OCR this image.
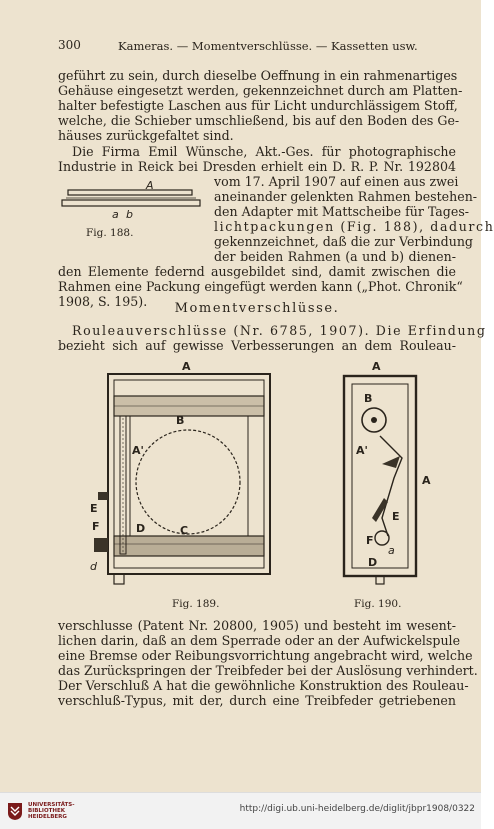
300	Kameras. — Momentverschlüsse. — Kassetten usw.
geführt zu sein, durch dieselbe Oeffnung in ein rahmenartiges
Gehäuse eingesetzt werden, gekennzeichnet durch am Platten-
halter befestigte Laschen aus für Licht undurchlässigem Stoff,
welche, die Schieber umschließend, bis auf den Boden des Ge-
häuses zurückgefaltet sind.
Die Firma Emil Wünsche, Akt.-Ges. für photographische
Industrie in Reick bei Dresden erhielt ein D. R. P. Nr. 192804
vom 17. April 1907 auf einen aus zwei
aneinander gelenkten Rahmen bestehen-
den Adapter mit Mattscheibe für Tages-
lichtpackungen (Fig. 188), dadurch
gekennzeichnet, daß die zur Verbindung
der beiden Rahmen (a und b) dienen-
den Elemente federnd ausgebildet sind, damit zwischen die
Rahmen eine Packung eingefügt werden kann („Phot. Chronik“
1908, S. 195).
A
a b
Fig. 188.
Momentverschlüsse.
Rouleauverschlüsse (Nr. 6785, 1907). Die Erfindung
bezieht sich auf gewisse Verbesserungen an dem Rouleau-
A
B
A'
C
D
E
F
d
Fig. 189.
A
B
A'
A
E
F
D
a
Fig. 190.
verschlusse (Patent Nr. 20800, 1905) und besteht im wesent-
lichen darin, daß an dem Sperrade oder an der Aufwickelspule
eine Bremse oder Reibungsvorrichtung angebracht wird, welche
das Zurückspringen der Treibfeder bei der Auslösung verhindert.
Der Verschluß A hat die gewöhnliche Konstruktion des Rouleau-
verschluß-Typus, mit der, durch eine Treibfeder getriebenen
UNIVERSITÄTS-
BIBLIOTHEK
HEIDELBERG
http://digi.ub.uni-heidelberg.de/diglit/jbpr1908/0322
